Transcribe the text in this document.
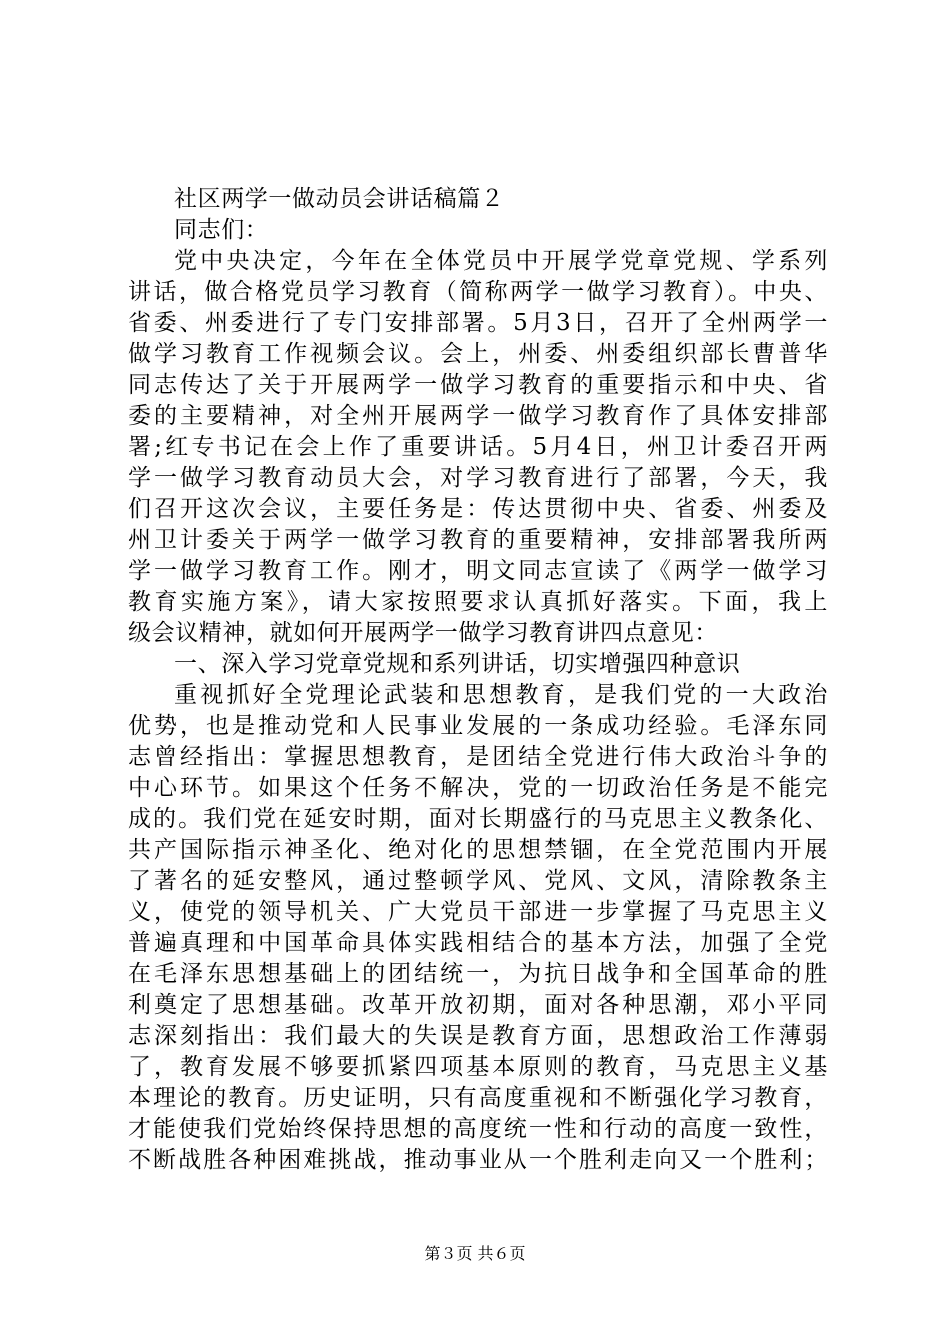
社区两学一做动员会讲话稿篇２
同志们：
党中央决定，今年在全体党员中开展学党章党规、学系列
讲话，做合格党员学习教育（简称两学一做学习教育）。中央、
省委、州委进行了专门安排部署。5月3日，召开了全州两学一
做学习教育工作视频会议。会上，州委、州委组织部长曹普华
同志传达了关于开展两学一做学习教育的重要指示和中央、省
委的主要精神，对全州开展两学一做学习教育作了具体安排部
署;红专书记在会上作了重要讲话。5月4日，州卫计委召开两
学一做学习教育动员大会，对学习教育进行了部署，今天，我
们召开这次会议，主要任务是：传达贯彻中央、省委、州委及
州卫计委关于两学一做学习教育的重要精神，安排部署我所两
学一做学习教育工作。刚才，明文同志宣读了《两学一做学习
教育实施方案》，请大家按照要求认真抓好落实。下面，我上
级会议精神，就如何开展两学一做学习教育讲四点意见：
一、深入学习党章党规和系列讲话，切实增强四种意识
重视抓好全党理论武装和思想教育，是我们党的一大政治
优势，也是推动党和人民事业发展的一条成功经验。毛泽东同
志曾经指出：掌握思想教育，是团结全党进行伟大政治斗争的
中心环节。如果这个任务不解决，党的一切政治任务是不能完
成的。我们党在延安时期，面对长期盛行的马克思主义教条化、
共产国际指示神圣化、绝对化的思想禁锢，在全党范围内开展
了著名的延安整风，通过整顿学风、党风、文风，清除教条主
义，使党的领导机关、广大党员干部进一步掌握了马克思主义
普遍真理和中国革命具体实践相结合的基本方法，加强了全党
在毛泽东思想基础上的团结统一，为抗日战争和全国革命的胜
利奠定了思想基础。改革开放初期，面对各种思潮，邓小平同
志深刻指出：我们最大的失误是教育方面，思想政治工作薄弱
了，教育发展不够要抓紧四项基本原则的教育，马克思主义基
本理论的教育。历史证明，只有高度重视和不断强化学习教育，
才能使我们党始终保持思想的高度统一性和行动的高度一致性，
不断战胜各种困难挑战，推动事业从一个胜利走向又一个胜利；
第３页 共６页
